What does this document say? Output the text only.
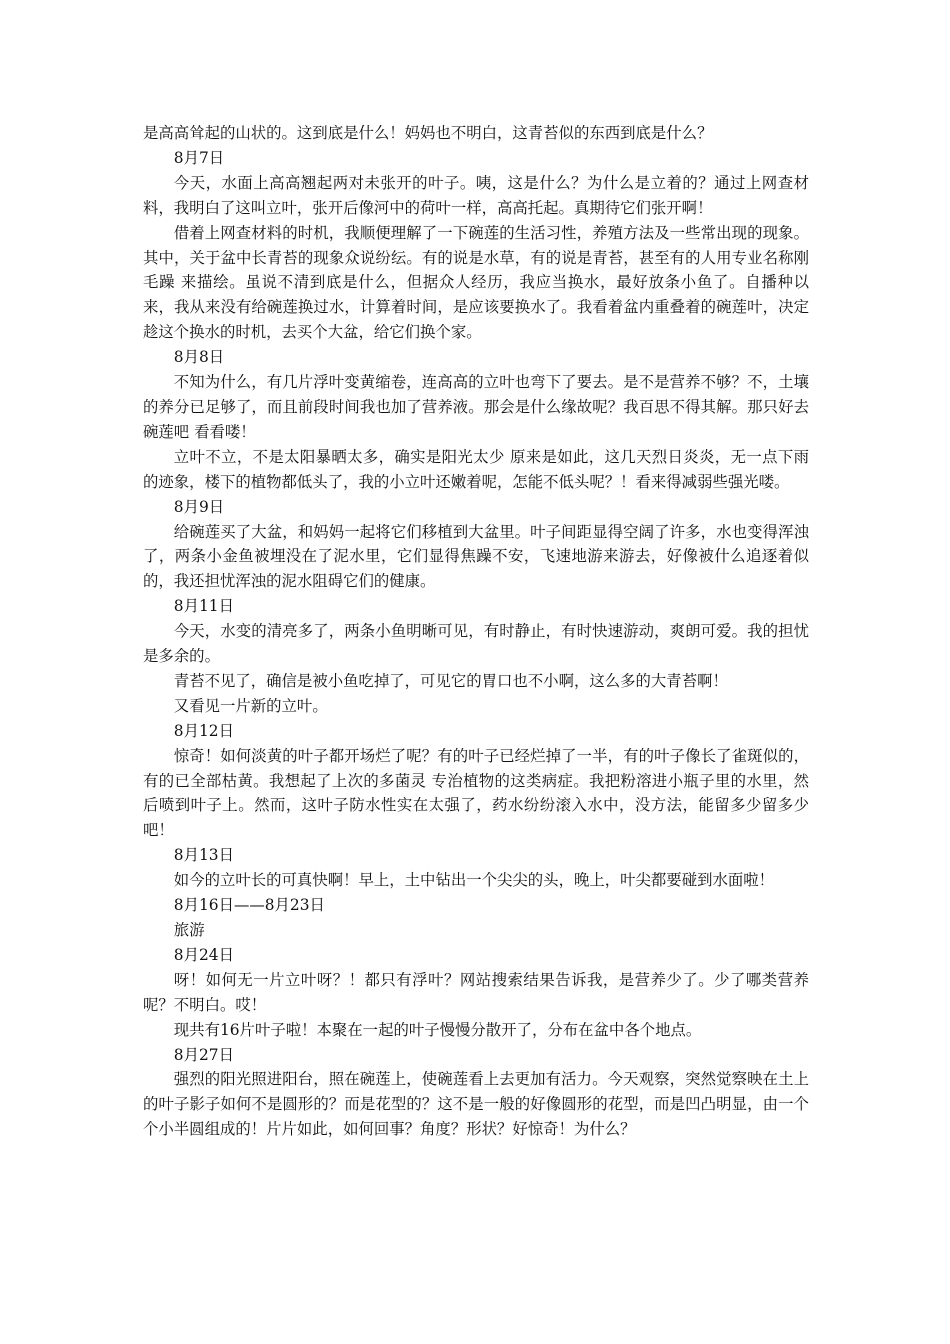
是高高耸起的山状的。这到底是什么！妈妈也不明白，这青苔似的东西到底是什么？

8月7日

今天，水面上高高翘起两对未张开的叶子。咦，这是什么？为什么是立着的？通过上网查材料，我明白了这叫立叶，张开后像河中的荷叶一样，高高托起。真期待它们张开啊！

借着上网查材料的时机，我顺便理解了一下碗莲的生活习性，养殖方法及一些常出现的现象。其中，关于盆中长青苔的现象众说纷纭。有的说是水草，有的说是青苔，甚至有的人用专业名称刚毛躁 来描绘。虽说不清到底是什么，但据众人经历，我应当换水，最好放条小鱼了。自播种以来，我从来没有给碗莲换过水，计算着时间，是应该要换水了。我看着盆内重叠着的碗莲叶，决定趁这个换水的时机，去买个大盆，给它们换个家。

8月8日

不知为什么，有几片浮叶变黄缩卷，连高高的立叶也弯下了要去。是不是营养不够？不，土壤的养分已足够了，而且前段时间我也加了营养液。那会是什么缘故呢？我百思不得其解。那只好去碗莲吧 看看喽！

立叶不立，不是太阳暴晒太多，确实是阳光太少 原来是如此，这几天烈日炎炎，无一点下雨的迹象，楼下的植物都低头了，我的小立叶还嫩着呢，怎能不低头呢？！看来得减弱些强光喽。

8月9日

给碗莲买了大盆，和妈妈一起将它们移植到大盆里。叶子间距显得空阔了许多，水也变得浑浊了，两条小金鱼被埋没在了泥水里，它们显得焦躁不安，飞速地游来游去，好像被什么追逐着似的，我还担忧浑浊的泥水阻碍它们的健康。

8月11日

今天，水变的清亮多了，两条小鱼明晰可见，有时静止，有时快速游动，爽朗可爱。我的担忧是多余的。

青苔不见了，确信是被小鱼吃掉了，可见它的胃口也不小啊，这么多的大青苔啊！

又看见一片新的立叶。

8月12日

惊奇！如何淡黄的叶子都开场烂了呢？有的叶子已经烂掉了一半，有的叶子像长了雀斑似的，有的已全部枯黄。我想起了上次的多菌灵 专治植物的这类病症。我把粉溶进小瓶子里的水里，然后喷到叶子上。然而，这叶子防水性实在太强了，药水纷纷滚入水中，没方法，能留多少留多少吧！

8月13日

如今的立叶长的可真快啊！早上，土中钻出一个尖尖的头，晚上，叶尖都要碰到水面啦！

8月16日——8月23日

旅游

8月24日

呀！如何无一片立叶呀？！都只有浮叶？网站搜索结果告诉我，是营养少了。少了哪类营养呢？不明白。哎！

现共有16片叶子啦！本聚在一起的叶子慢慢分散开了，分布在盆中各个地点。

8月27日

强烈的阳光照进阳台，照在碗莲上，使碗莲看上去更加有活力。今天观察，突然觉察映在土上的叶子影子如何不是圆形的？而是花型的？这不是一般的好像圆形的花型，而是凹凸明显，由一个个小半圆组成的！片片如此，如何回事？角度？形状？好惊奇！为什么？
